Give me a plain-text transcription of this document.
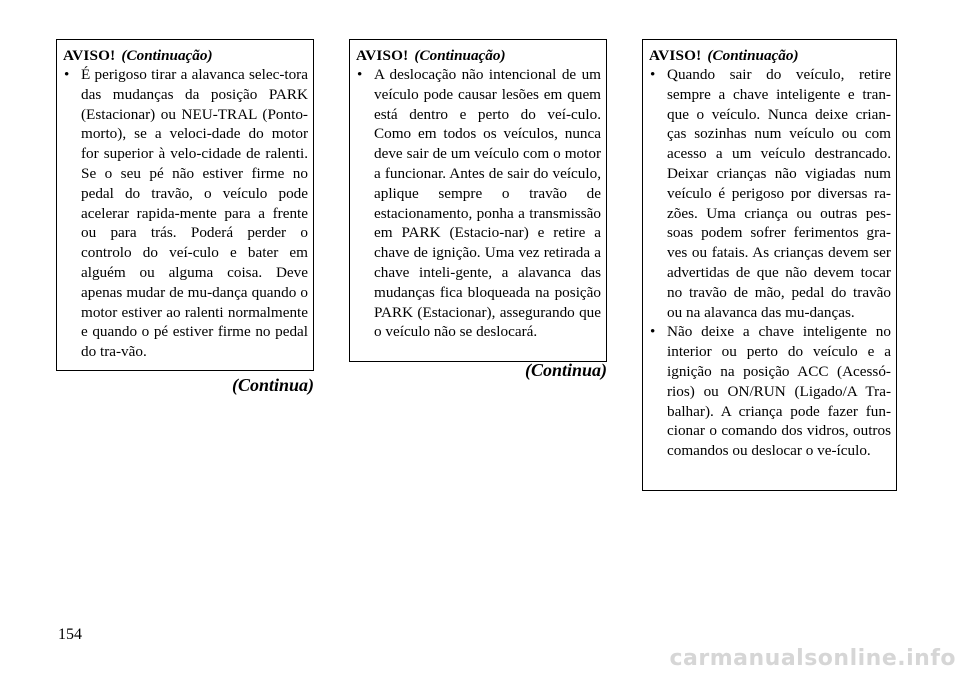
AVISO! (Continuação)

• É perigoso tirar a alavanca selec-tora das mudanças da posição PARK (Estacionar) ou NEU-TRAL (Ponto-morto), se a veloci-dade do motor for superior à velo-cidade de ralenti. Se o seu pé não estiver firme no pedal do travão, o veículo pode acelerar rapida-mente para a frente ou para trás. Poderá perder o controlo do veí-culo e bater em alguém ou alguma coisa. Deve apenas mudar de mu-dança quando o motor estiver ao ralenti normalmente e quando o pé estiver firme no pedal do tra-vão.
(Continua)

AVISO! (Continuação)

• A deslocação não intencional de um veículo pode causar lesões em quem está dentro e perto do veí-culo. Como em todos os veículos, nunca deve sair de um veículo com o motor a funcionar. Antes de sair do veículo, aplique sempre o travão de estacionamento, ponha a transmissão em PARK (Estacio-nar) e retire a chave de ignição. Uma vez retirada a chave inteli-gente, a alavanca das mudanças fica bloqueada na posição PARK (Estacionar), assegurando que o veículo não se deslocará.
(Continua)

AVISO! (Continuação)

• Quando sair do veículo, retire sempre a chave inteligente e tran-que o veículo. Nunca deixe crian-ças sozinhas num veículo ou com acesso a um veículo destrancado. Deixar crianças não vigiadas num veículo é perigoso por diversas ra-zões. Uma criança ou outras pes-soas podem sofrer ferimentos gra-ves ou fatais. As crianças devem ser advertidas de que não devem tocar no travão de mão, pedal do travão ou na alavanca das mu-danças.
• Não deixe a chave inteligente no interior ou perto do veículo e a ignição na posição ACC (Acessó-rios) ou ON/RUN (Ligado/A Tra-balhar). A criança pode fazer fun-cionar o comando dos vidros, outros comandos ou deslocar o ve-ículo.
154
carmanualsonline.info
